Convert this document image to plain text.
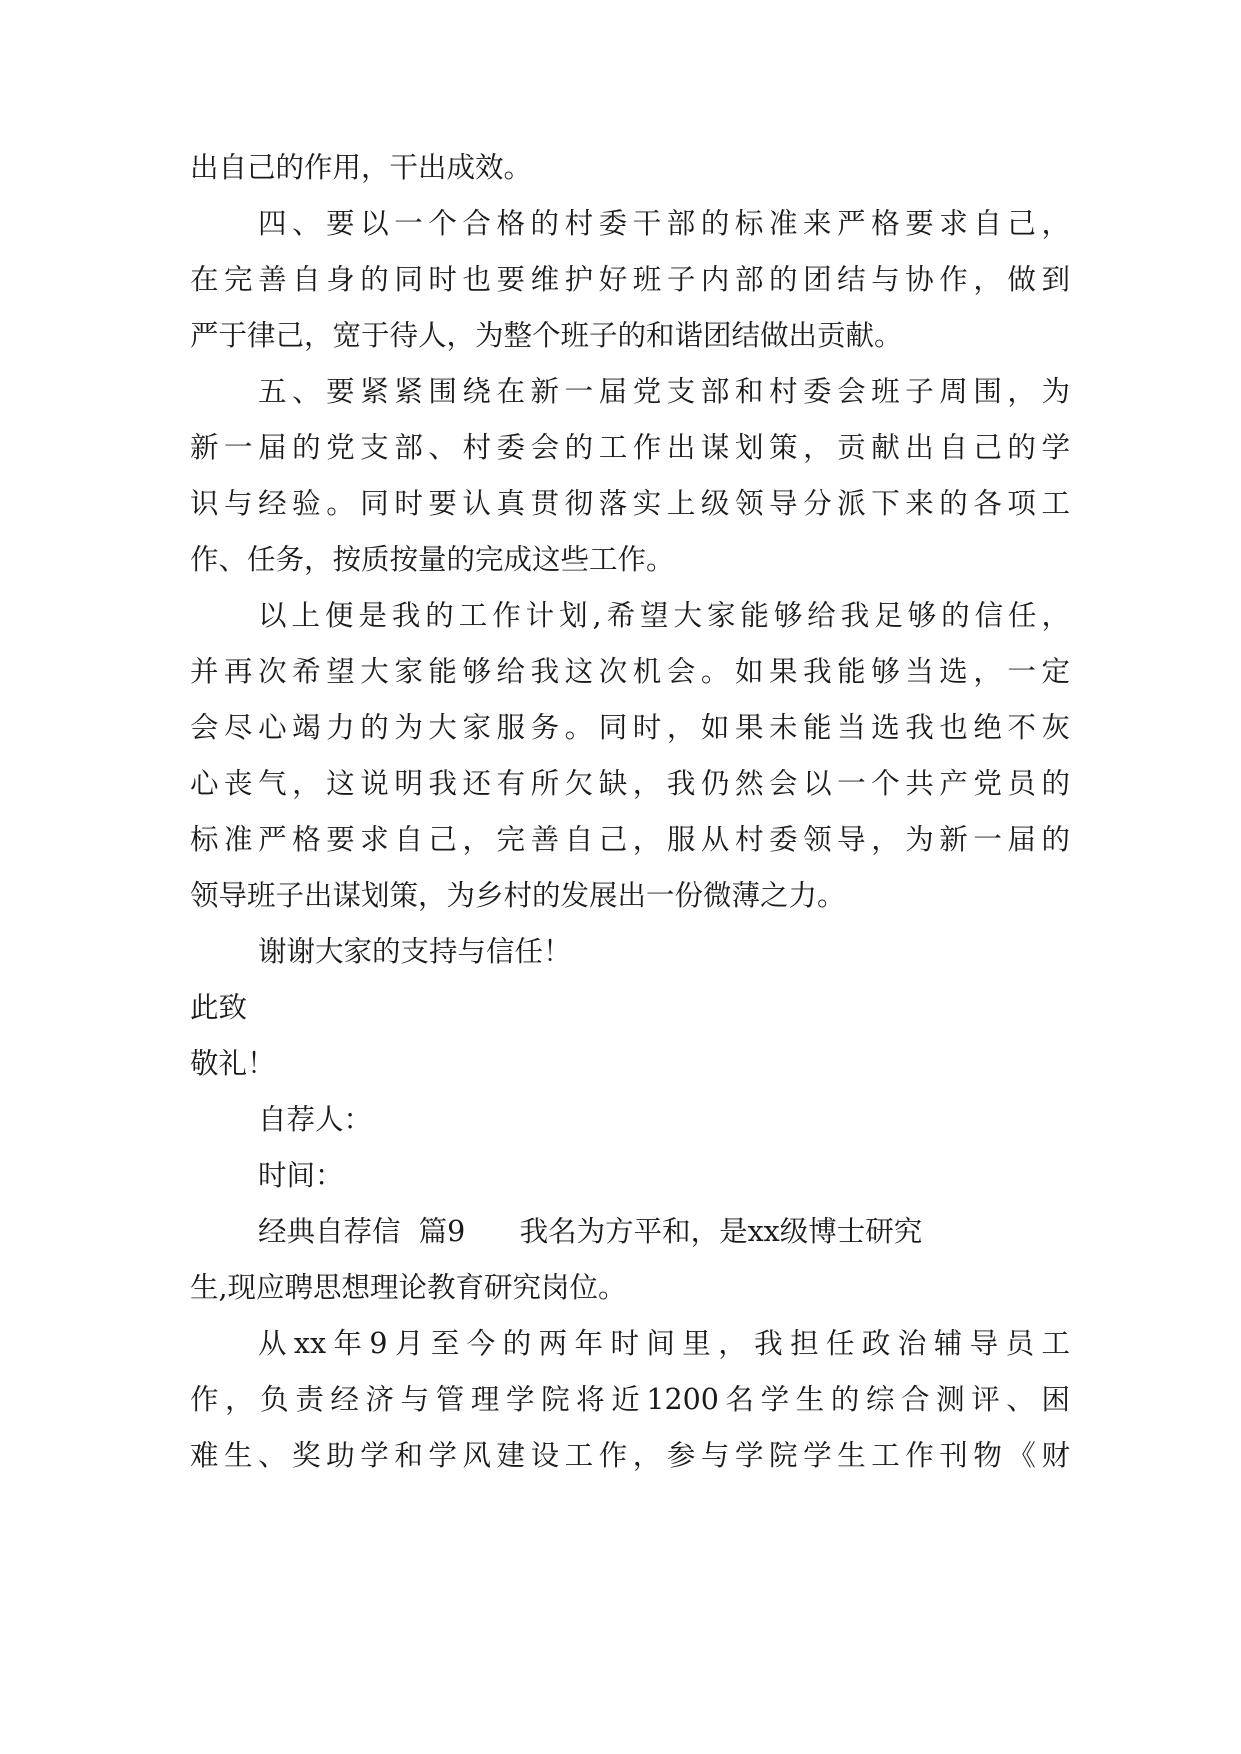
出自己的作用，干出成效。
四、要以一个合格的村委干部的标准来严格要求自己，
在完善自身的同时也要维护好班子内部的团结与协作，做到
严于律己，宽于待人，为整个班子的和谐团结做出贡献。
五、要紧紧围绕在新一届党支部和村委会班子周围，为
新一届的党支部、村委会的工作出谋划策，贡献出自己的学
识与经验。同时要认真贯彻落实上级领导分派下来的各项工
作、任务，按质按量的完成这些工作。
以上便是我的工作计划,希望大家能够给我足够的信任，
并再次希望大家能够给我这次机会。如果我能够当选，一定
会尽心竭力的为大家服务。同时，如果未能当选我也绝不灰
心丧气，这说明我还有所欠缺，我仍然会以一个共产党员的
标准严格要求自己，完善自己，服从村委领导，为新一届的
领导班子出谋划策，为乡村的发展出一份微薄之力。
谢谢大家的支持与信任！
此致
敬礼！
自荐人：
时间：
经典自荐信  篇9      我名为方平和，是xx级博士研究
生,现应聘思想理论教育研究岗位。
从xx年9月至今的两年时间里，我担任政治辅导员工
作，负责经济与管理学院将近1200名学生的综合测评、困
难生、奖助学和学风建设工作，参与学院学生工作刊物《财
